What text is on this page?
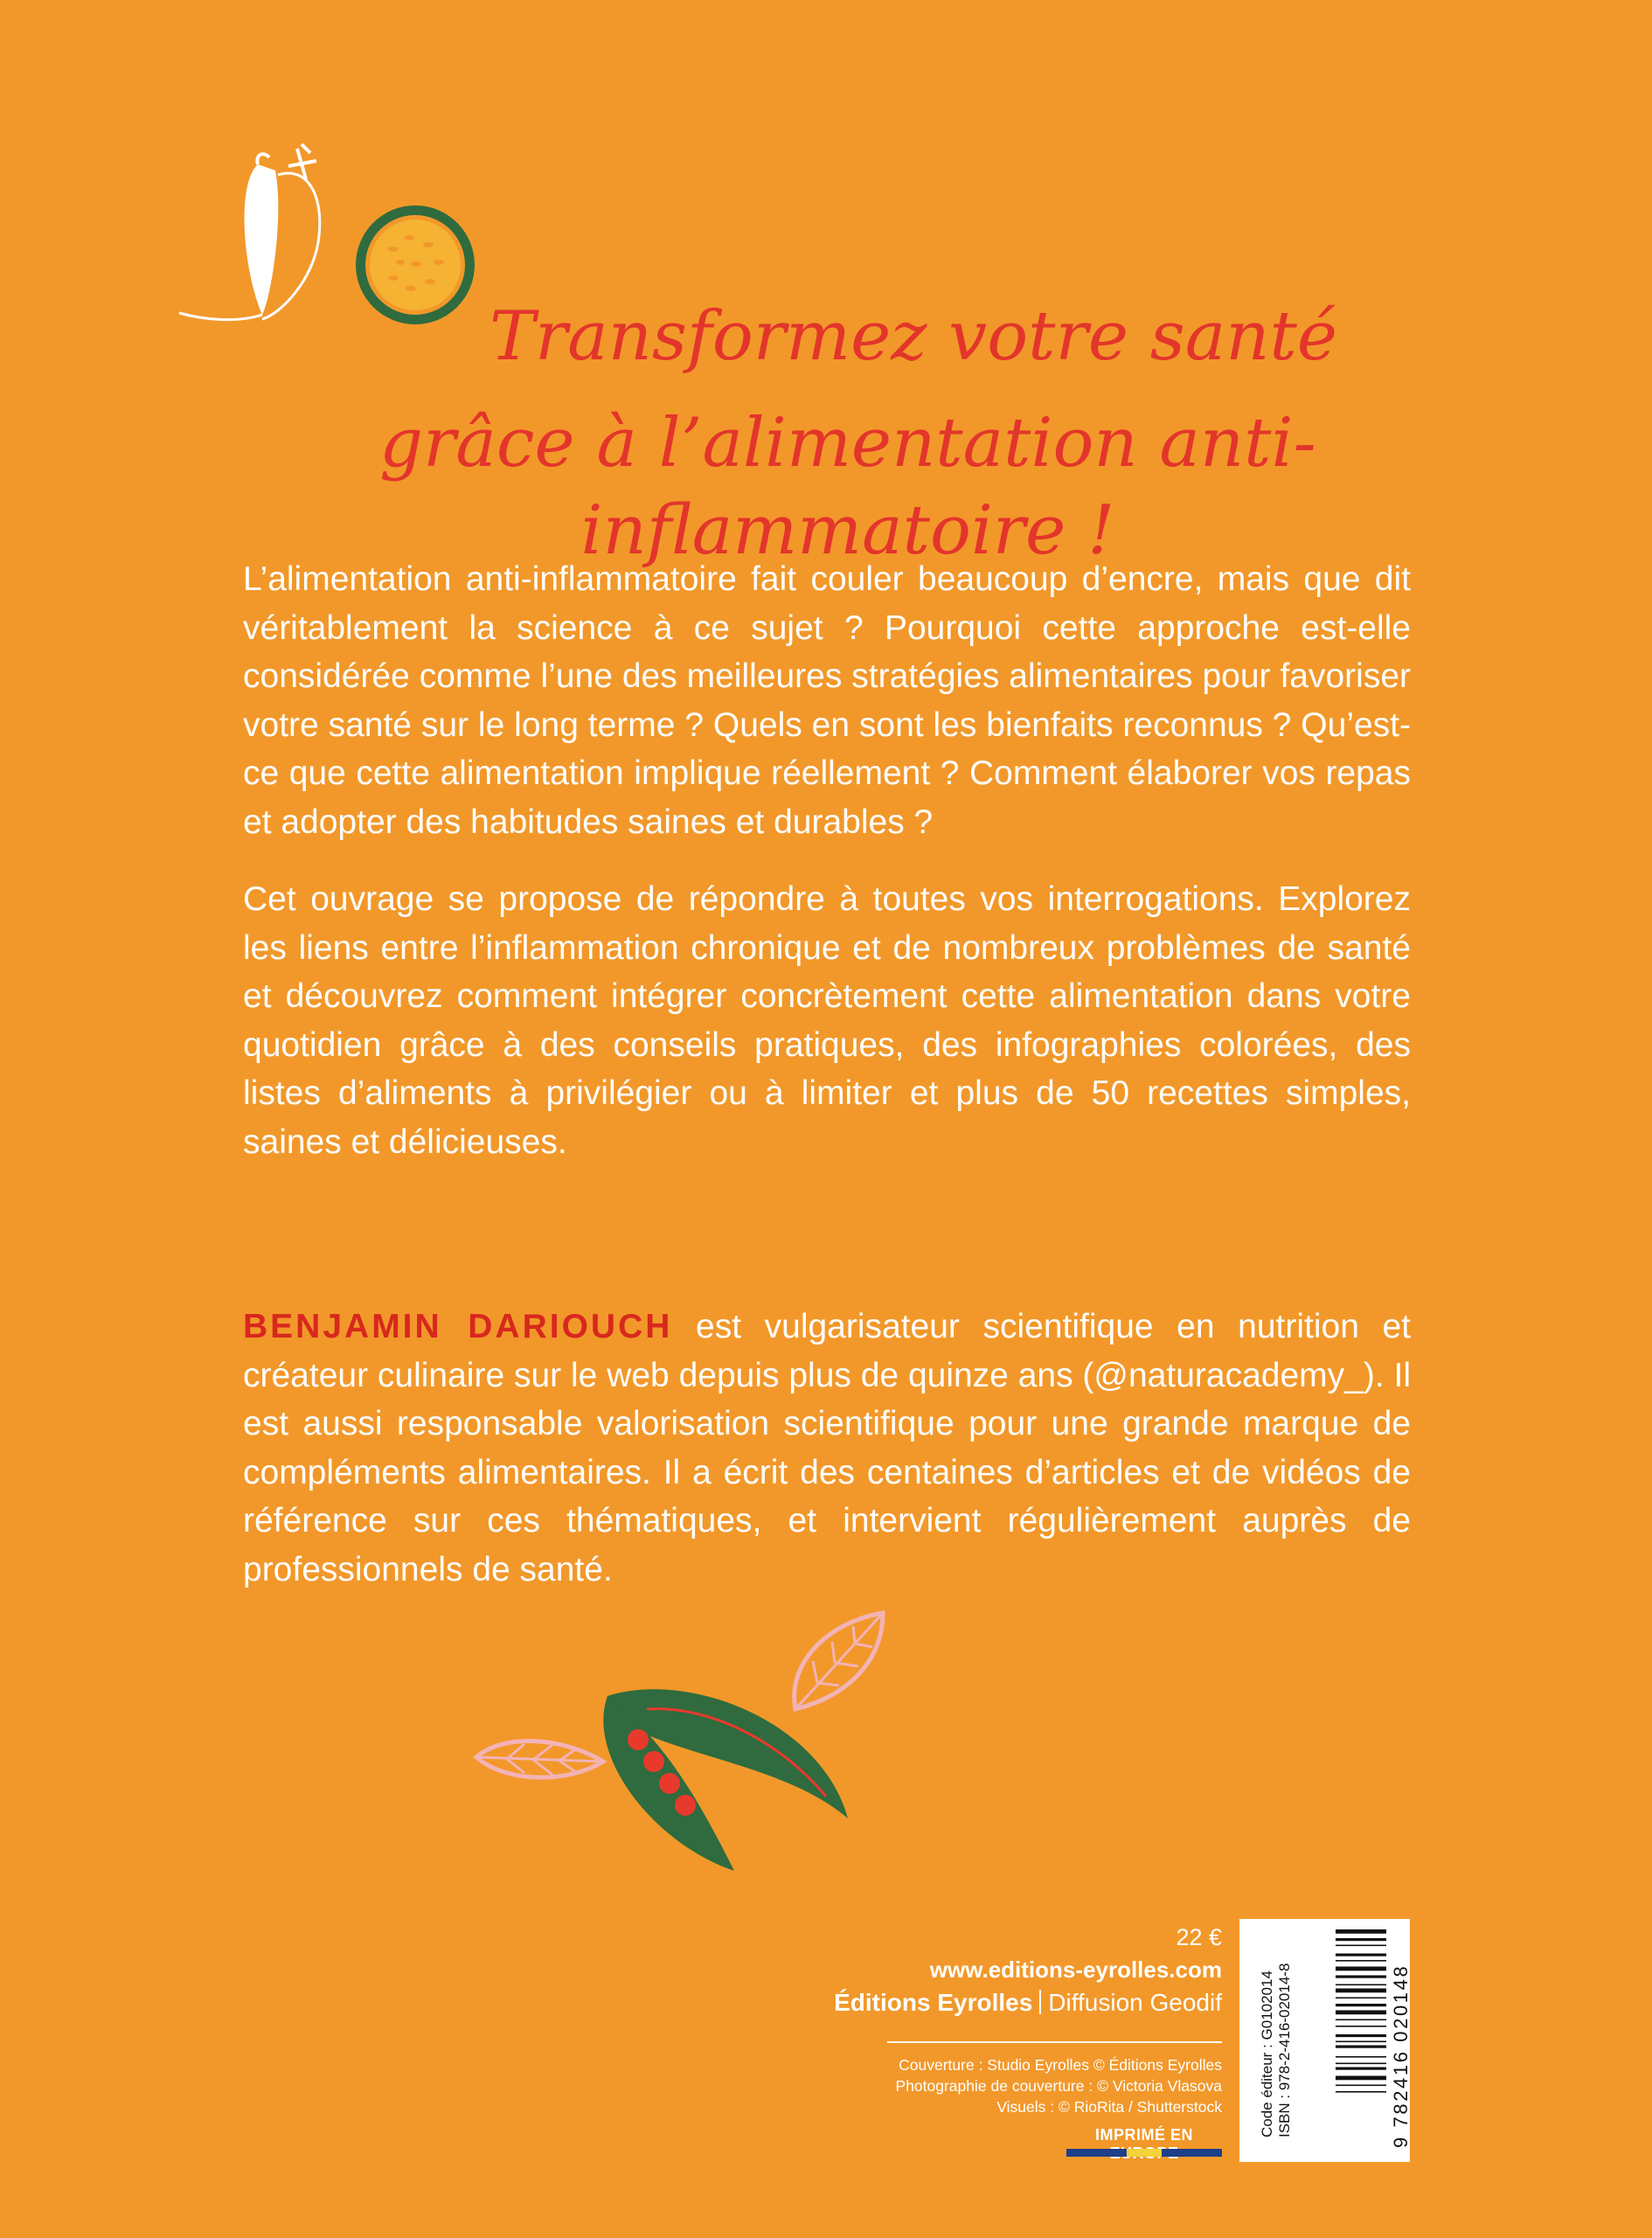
Transformez votre santé
grâce à l’alimentation anti-inflammatoire !

L’alimentation anti-inflammatoire fait couler beaucoup d’encre, mais que dit véritablement la science à ce sujet ? Pourquoi cette approche est-elle considérée comme l’une des meilleures stratégies alimentaires pour favoriser votre santé sur le long terme ? Quels en sont les bienfaits reconnus ? Qu’est-ce que cette alimentation implique réellement ? Comment élaborer vos repas et adopter des habitudes saines et durables ?

Cet ouvrage se propose de répondre à toutes vos interrogations. Explorez les liens entre l’inflammation chronique et de nombreux problèmes de santé et découvrez comment intégrer concrètement cette alimentation dans votre quotidien grâce à des conseils pratiques, des infographies colorées, des listes d’aliments à privilégier ou à limiter et plus de 50 recettes simples, saines et délicieuses.

BENJAMIN DARIOUCH est vulgarisateur scientifique en nutrition et créateur culinaire sur le web depuis plus de quinze ans (@naturacademy_). Il est aussi responsable valorisation scientifique pour une grande marque de compléments alimentaires. Il a écrit des centaines d’articles et de vidéos de référence sur ces thématiques, et intervient régulièrement auprès de professionnels de santé.

22 €
www.editions-eyrolles.com
Éditions Eyrolles Diffusion Geodif
Couverture : Studio Eyrolles © Éditions Eyrolles
Photographie de couverture : © Victoria Vlasova
Visuels : © RioRita / Shutterstock
IMPRIMÉ EN	Code éditeur : G0102014 ISBN : 978-2-416-02014-8	9 782416 020148
